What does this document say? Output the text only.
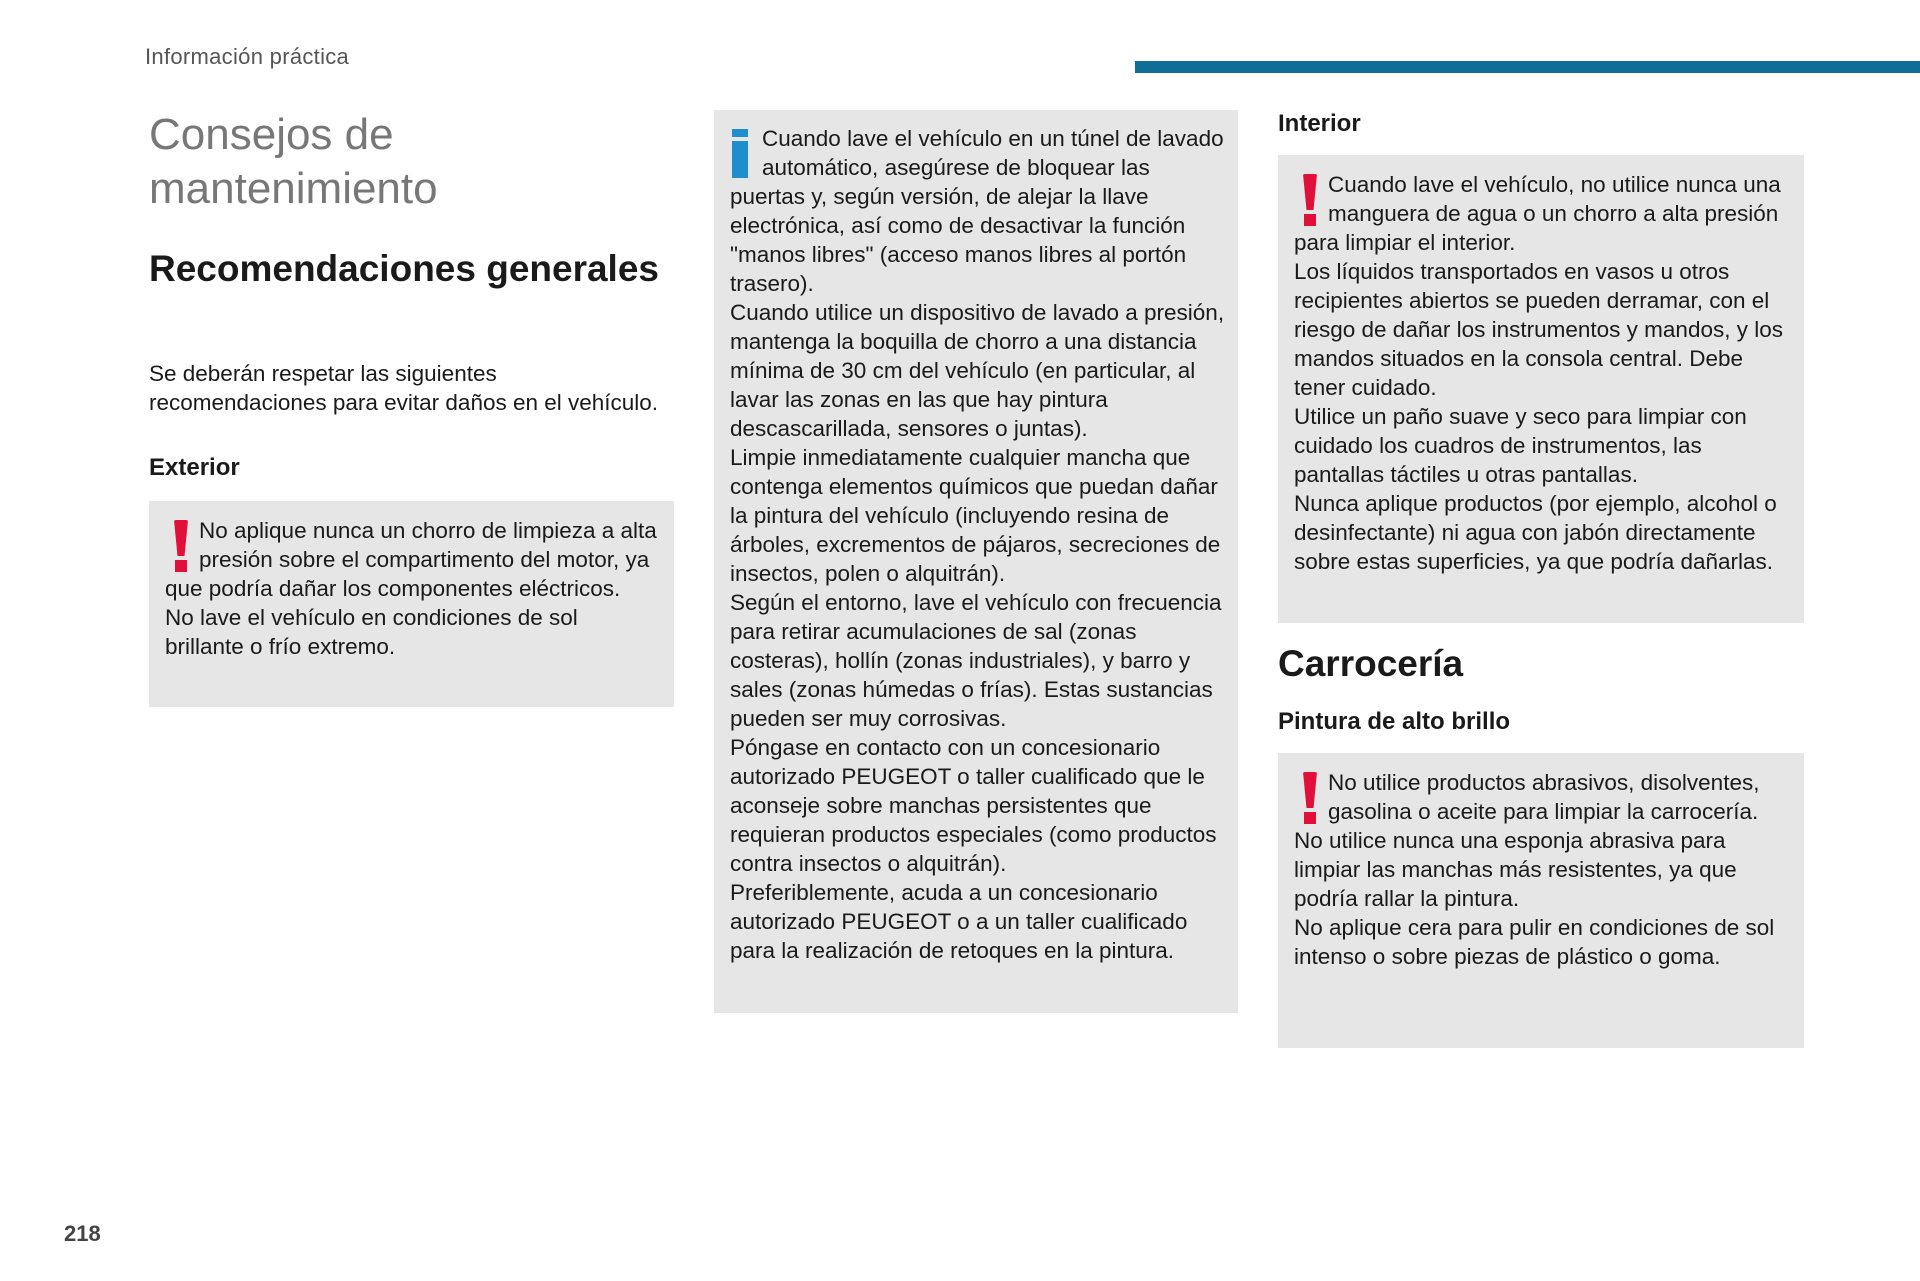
Información práctica
Consejos de mantenimiento
Recomendaciones generales

Se deberán respetar las siguientes recomendaciones para evitar daños en el vehículo.

Exterior

No aplique nunca un chorro de limpieza a alta presión sobre el compartimento del motor, ya que podría dañar los componentes eléctricos.

No lave el vehículo en condiciones de sol brillante o frío extremo.

Cuando lave el vehículo en un túnel de lavado automático, asegúrese de bloquear las puertas y, según versión, de alejar la llave electrónica, así como de desactivar la función "manos libres" (acceso manos libres al portón trasero).

Cuando utilice un dispositivo de lavado a presión, mantenga la boquilla de chorro a una distancia mínima de 30 cm del vehículo (en particular, al lavar las zonas en las que hay pintura descascarillada, sensores o juntas).

Limpie inmediatamente cualquier mancha que contenga elementos químicos que puedan dañar la pintura del vehículo (incluyendo resina de árboles, excrementos de pájaros, secreciones de insectos, polen o alquitrán).

Según el entorno, lave el vehículo con frecuencia para retirar acumulaciones de sal (zonas costeras), hollín (zonas industriales), y barro y sales (zonas húmedas o frías). Estas sustancias pueden ser muy corrosivas.

Póngase en contacto con un concesionario autorizado PEUGEOT o taller cualificado que le aconseje sobre manchas persistentes que requieran productos especiales (como productos contra insectos o alquitrán).

Preferiblemente, acuda a un concesionario autorizado PEUGEOT o a un taller cualificado para la realización de retoques en la pintura.

Interior

Cuando lave el vehículo, no utilice nunca una manguera de agua o un chorro a alta presión para limpiar el interior.

Los líquidos transportados en vasos u otros recipientes abiertos se pueden derramar, con el riesgo de dañar los instrumentos y mandos, y los mandos situados en la consola central. Debe tener cuidado.

Utilice un paño suave y seco para limpiar con cuidado los cuadros de instrumentos, las pantallas táctiles u otras pantallas.

Nunca aplique productos (por ejemplo, alcohol o desinfectante) ni agua con jabón directamente sobre estas superficies, ya que podría dañarlas.

Carrocería
Pintura de alto brillo

No utilice productos abrasivos, disolventes, gasolina o aceite para limpiar la carrocería.

No utilice nunca una esponja abrasiva para limpiar las manchas más resistentes, ya que podría rallar la pintura.

No aplique cera para pulir en condiciones de sol intenso o sobre piezas de plástico o goma.

218
